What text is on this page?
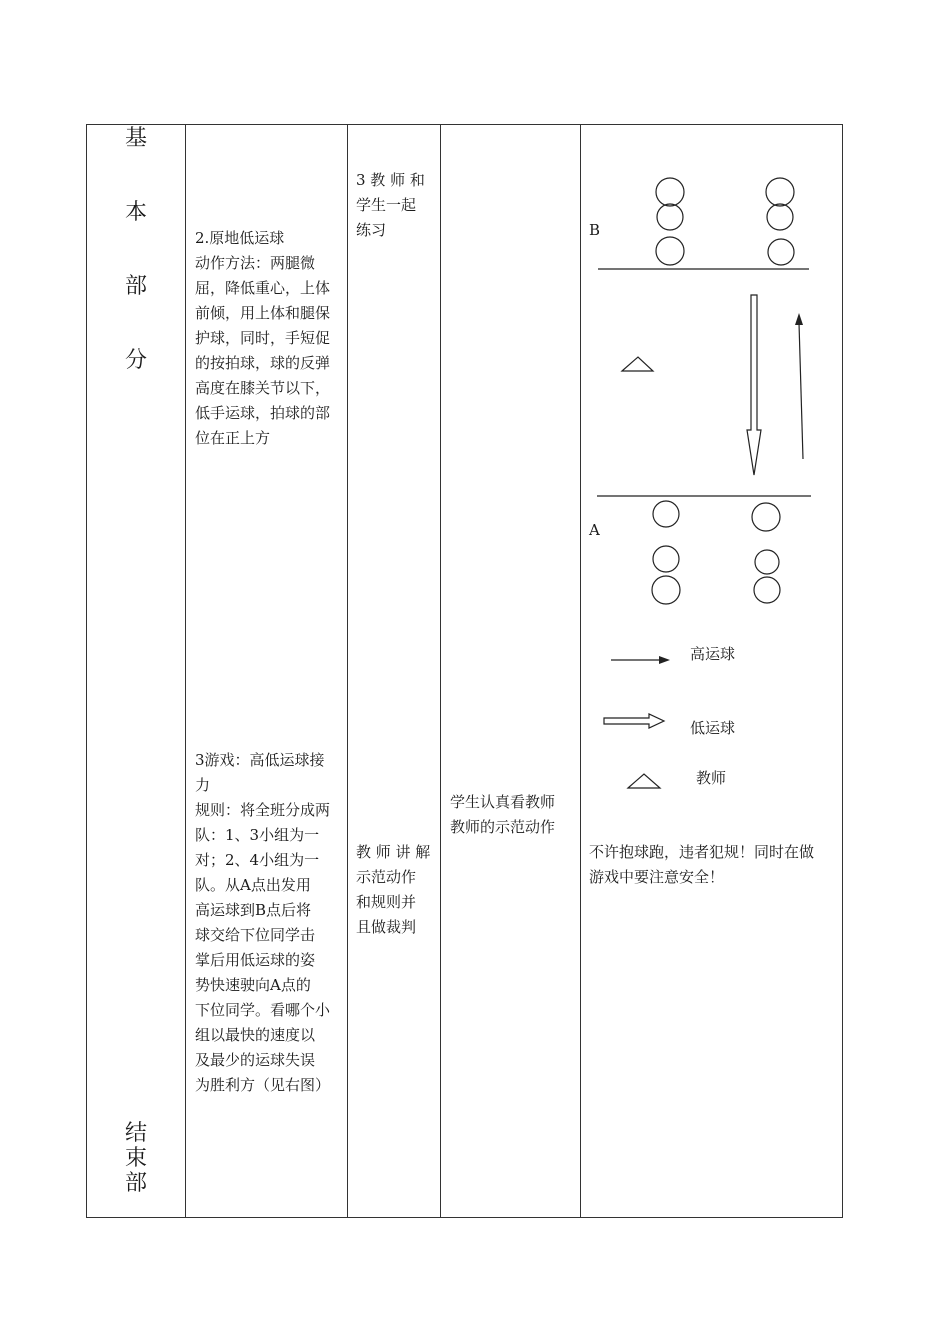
基
本
部
分
结
束
部
2.原地低运球
动作方法：两腿微
屈，降低重心，上体
前倾，用上体和腿保
护球，同时，手短促
的按拍球，球的反弹
高度在膝关节以下，
低手运球，拍球的部
位在正上方
3游戏：高低运球接
力
规则：将全班分成两
队：1、3小组为一
对；2、4小组为一
队。从A点出发用
高运球到B点后将
球交给下位同学击
掌后用低运球的姿
势快速驶向A点的
下位同学。看哪个小
组以最快的速度以
及最少的运球失误
为胜利方（见右图）
3 教 师 和
学生一起
练习
教 师 讲 解
示范动作
和规则并
且做裁判
学生认真看教师
教师的示范动作
B
A
高运球
低运球
教师
不许抱球跑，违者犯规！同时在做
游戏中要注意安全！
